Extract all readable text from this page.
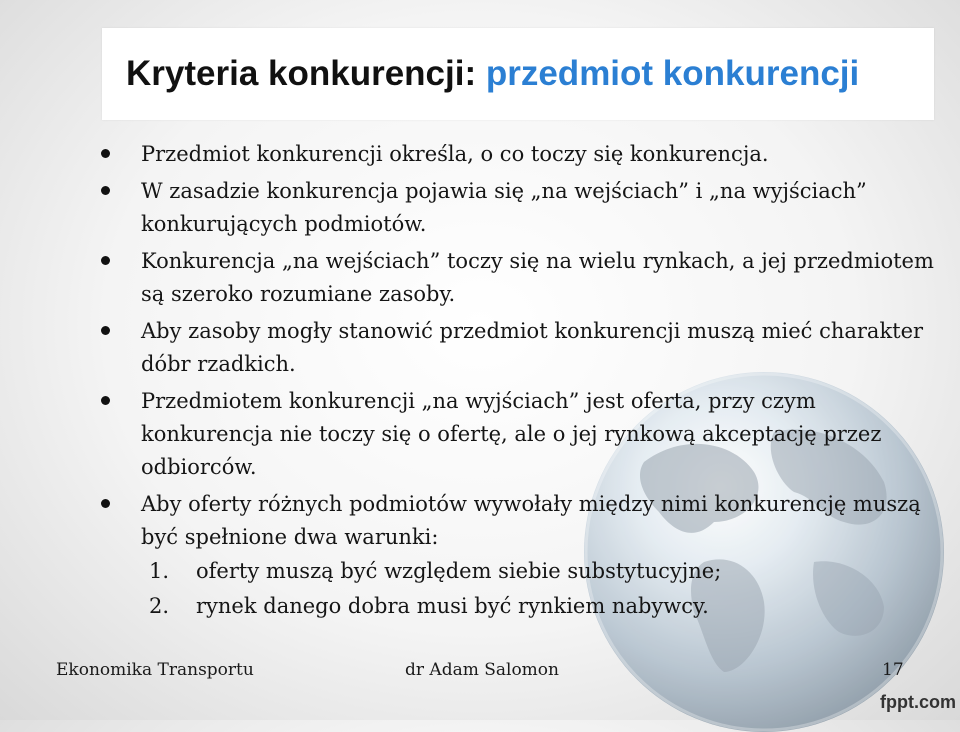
Kryteria konkurencji: przedmiot konkurencji
Przedmiot konkurencji określa, o co toczy się konkurencja.
W zasadzie konkurencja pojawia się „na wejściach” i „na wyjściach” konkurujących podmiotów.
Konkurencja „na wejściach” toczy się na wielu rynkach, a jej przedmiotem są szeroko rozumiane zasoby.
Aby zasoby mogły stanowić przedmiot konkurencji muszą mieć charakter dóbr rzadkich.
Przedmiotem konkurencji „na wyjściach” jest oferta, przy czym konkurencja nie toczy się o ofertę, ale o jej rynkową akceptację przez odbiorców.
Aby oferty różnych podmiotów wywołały między nimi konkurencję muszą być spełnione dwa warunki:
1. oferty muszą być względem siebie substytucyjne;
2. rynek danego dobra musi być rynkiem nabywcy.
Ekonomika Transportu	dr Adam Salomon	17
fppt.com
